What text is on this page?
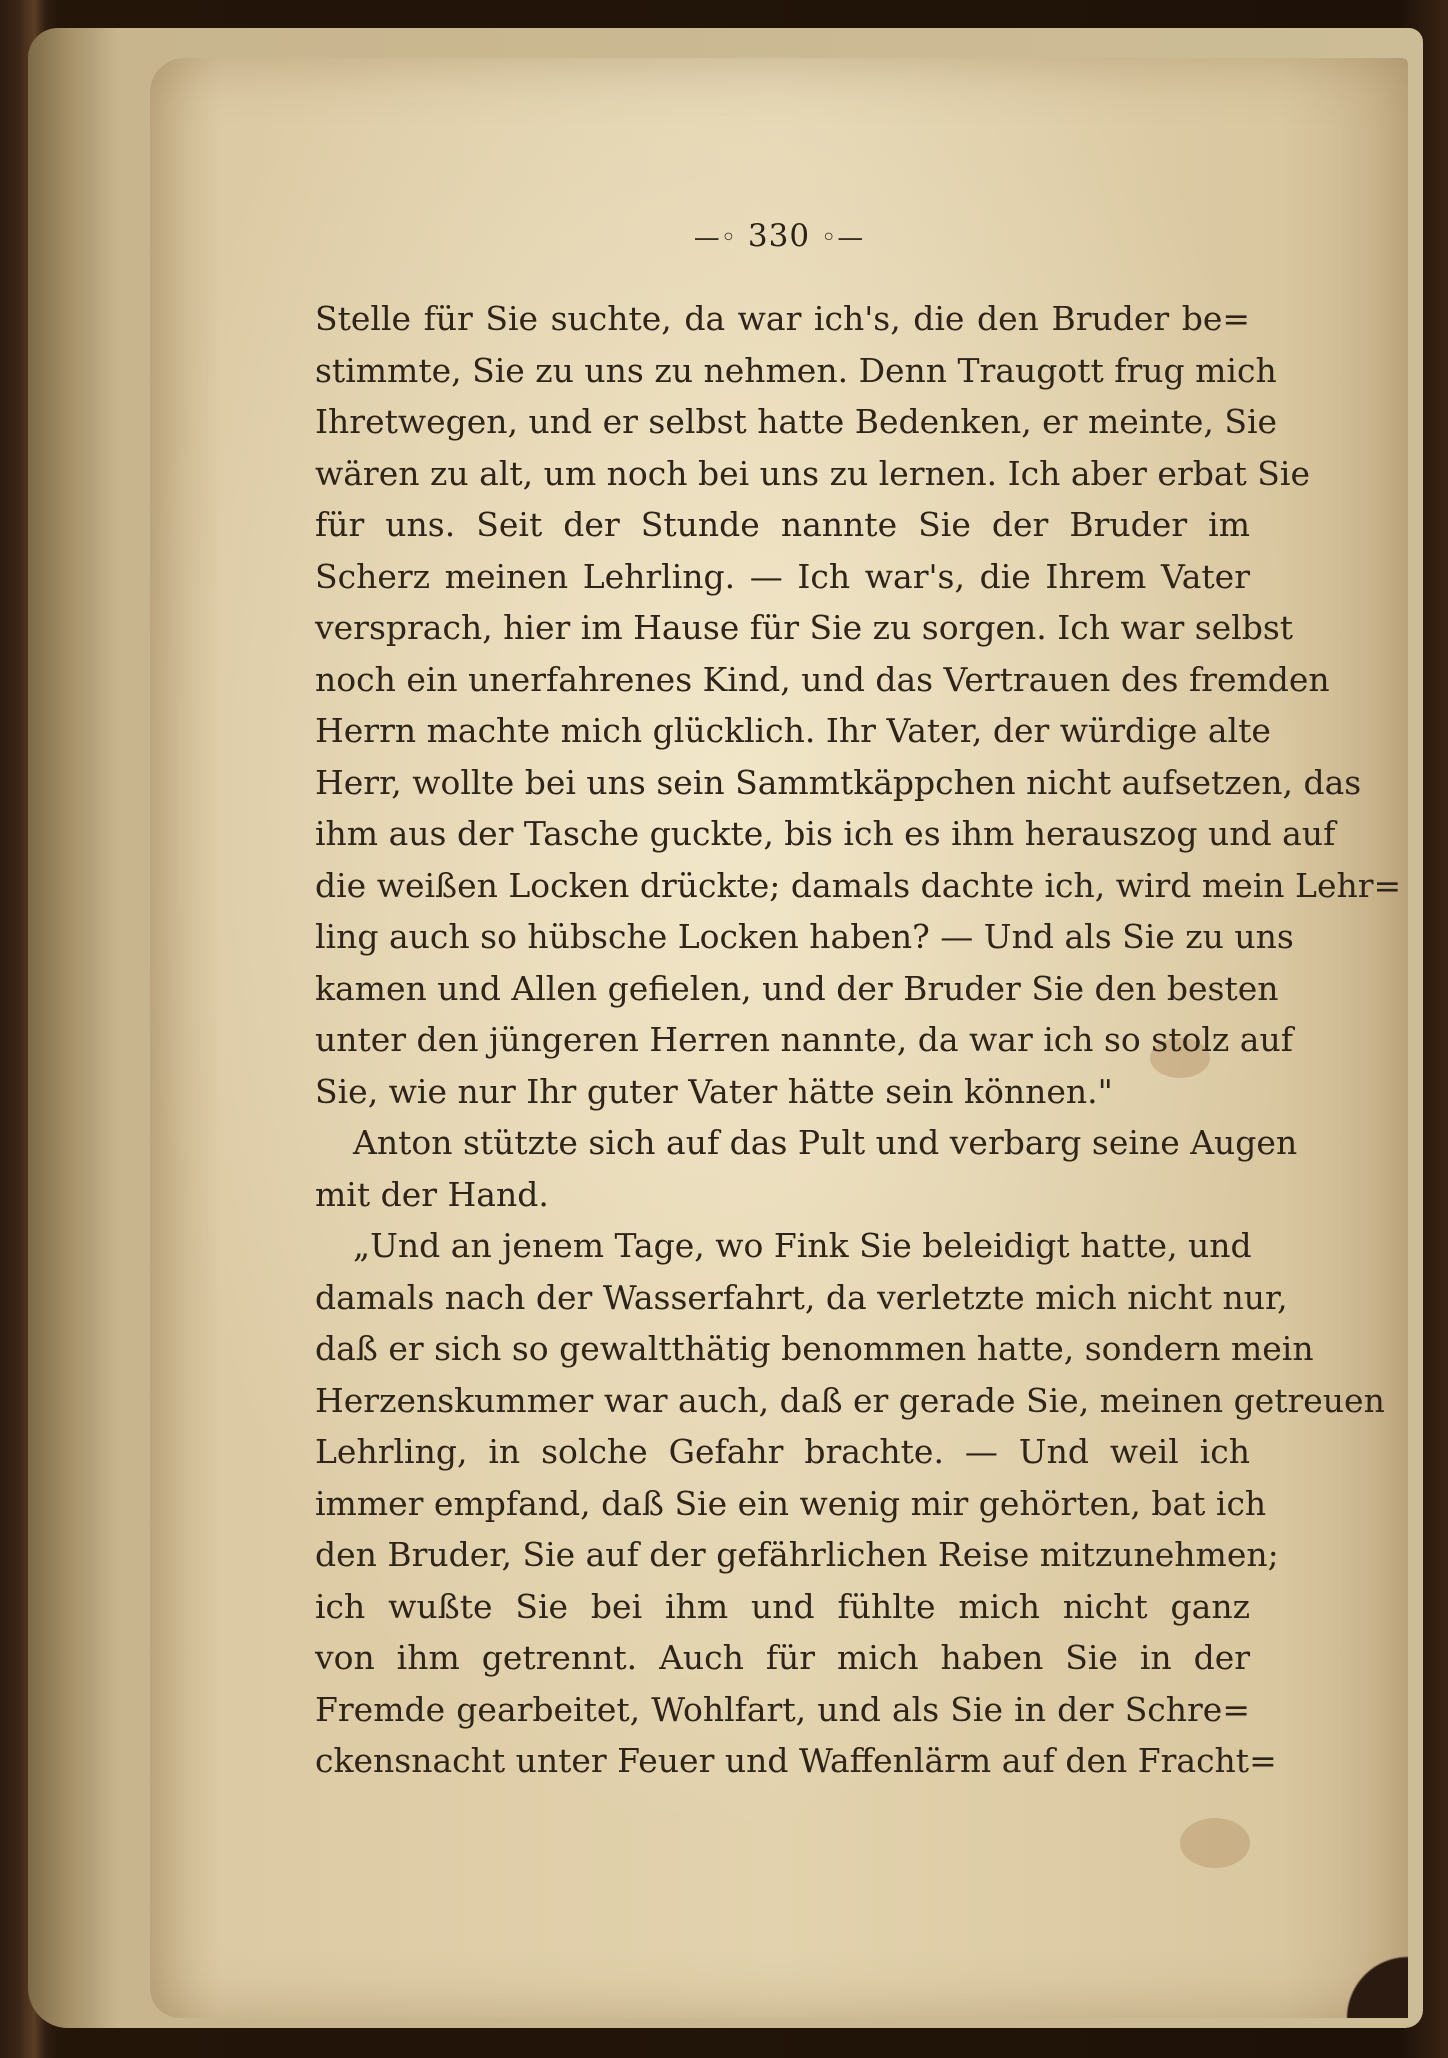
—◦ 330 ◦—
Stelle für Sie suchte, da war ich's, die den Bruder be=
stimmte, Sie zu uns zu nehmen. Denn Traugott frug mich
Ihretwegen, und er selbst hatte Bedenken, er meinte, Sie
wären zu alt, um noch bei uns zu lernen. Ich aber erbat Sie
für uns. Seit der Stunde nannte Sie der Bruder im
Scherz meinen Lehrling. — Ich war's, die Ihrem Vater
versprach, hier im Hause für Sie zu sorgen. Ich war selbst
noch ein unerfahrenes Kind, und das Vertrauen des fremden
Herrn machte mich glücklich. Ihr Vater, der würdige alte
Herr, wollte bei uns sein Sammtkäppchen nicht aufsetzen, das
ihm aus der Tasche guckte, bis ich es ihm herauszog und auf
die weißen Locken drückte; damals dachte ich, wird mein Lehr=
ling auch so hübsche Locken haben? — Und als Sie zu uns
kamen und Allen gefielen, und der Bruder Sie den besten
unter den jüngeren Herren nannte, da war ich so stolz auf
Sie, wie nur Ihr guter Vater hätte sein können."
Anton stützte sich auf das Pult und verbarg seine Augen
mit der Hand.
„Und an jenem Tage, wo Fink Sie beleidigt hatte, und
damals nach der Wasserfahrt, da verletzte mich nicht nur,
daß er sich so gewaltthätig benommen hatte, sondern mein
Herzenskummer war auch, daß er gerade Sie, meinen getreuen
Lehrling, in solche Gefahr brachte. — Und weil ich
immer empfand, daß Sie ein wenig mir gehörten, bat ich
den Bruder, Sie auf der gefährlichen Reise mitzunehmen;
ich wußte Sie bei ihm und fühlte mich nicht ganz
von ihm getrennt. Auch für mich haben Sie in der
Fremde gearbeitet, Wohlfart, und als Sie in der Schre=
ckensnacht unter Feuer und Waffenlärm auf den Fracht=
